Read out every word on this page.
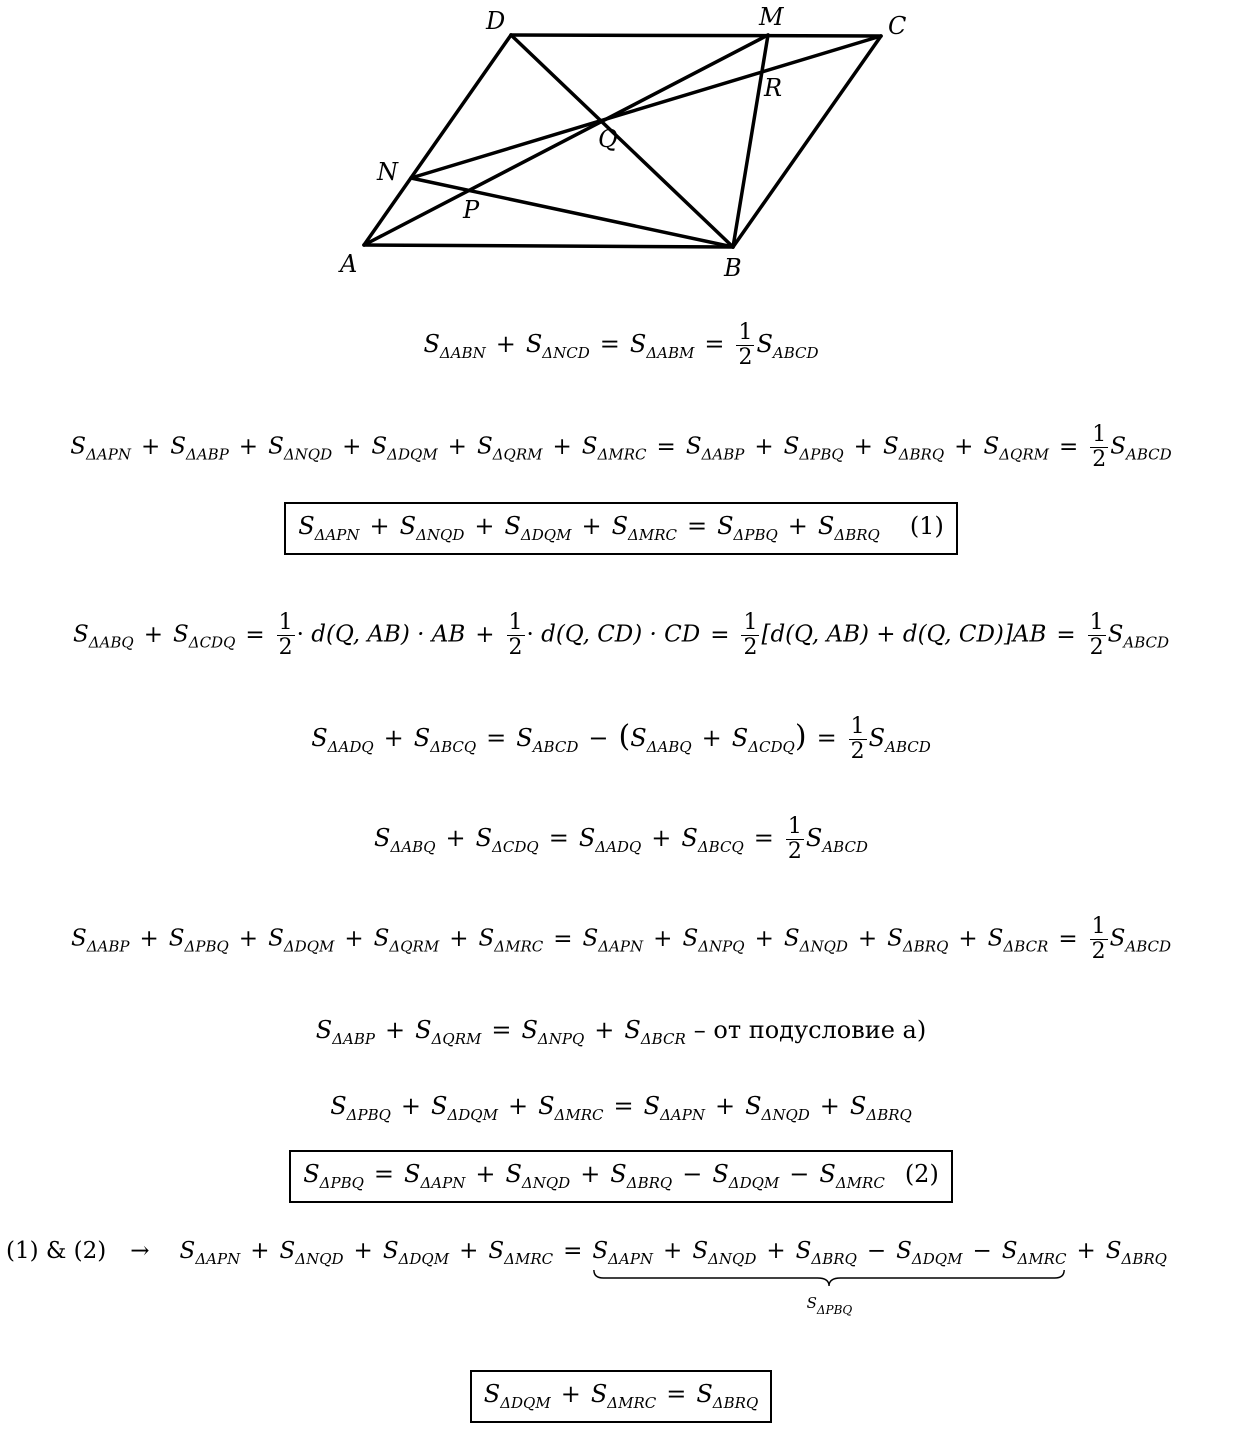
A	B
C
D	M
N
P
Q
R
$S_{\Delta ABN} + S_{\Delta NCD} = S_{\Delta ABM} = \frac{1}{2} S_{ABCD}$
$S_{\Delta APN} + S_{\Delta ABP} + S_{\Delta NQD} + S_{\Delta DQM} + S_{\Delta QRM} + S_{\Delta MRC} = S_{\Delta ABP} + S_{\Delta PBQ} + S_{\Delta BRQ} + S_{\Delta QRM} = \frac{1}{2} S_{ABCD}$
$S_{\Delta APN} + S_{\Delta NQD} + S_{\Delta DQM} + S_{\Delta MRC} = S_{\Delta PBQ} + S_{\Delta BRQ}$ (1)
$S_{\Delta ABQ} + S_{\Delta CDQ} = \frac{1}{2} \cdot d(Q$, AB) · AB + $\frac{1}{2} \cdot d(Q$, CD) · CD = $\frac{1}{2} [d(Q$, AB) + d(Q, $CD)]AB = \frac{1}{2} S_{ABCD}$
$S_{\Delta ADQ} + S_{\Delta BCQ} = S_{ABCD} - (S_{\Delta ABQ} + S_{\Delta CDQ}) = \frac{1}{2} S_{ABCD}$
$S_{\Delta ABQ} + S_{\Delta CDQ} = S_{\Delta ADQ} + S_{\Delta BCQ} = \frac{1}{2} S_{ABCD}$
$S_{\Delta ABP} + S_{\Delta PBQ} + S_{\Delta DQM} + S_{\Delta QRM} + S_{\Delta MRC} = S_{\Delta APN} + S_{\Delta NPQ} + S_{\Delta NQD} + S_{\Delta BRQ} + S_{\Delta BCR} = \frac{1}{2} S_{ABCD}$
$S_{\Delta ABP} + S_{\Delta QRM} = S_{\Delta NPQ} + S_{\Delta BCR}$ – от подусловие а)
$S_{\Delta PBQ} + S_{\Delta DQM} + S_{\Delta MRC} = S_{\Delta APN} + S_{\Delta NQD} + S_{\Delta BRQ}$
$S_{\Delta PBQ} = S_{\Delta APN} + S_{\Delta NQD} + S_{\Delta BRQ} - S_{\Delta DQM} - S_{\Delta MRC}$ (2)
(1) & $(2) \to S_{\Delta APN} + S_{\Delta NQD} + S_{\Delta DQM} + S_{\Delta MRC} = S_{\Delta APN} + S_{\Delta NQD} + S_{\Delta BRQ} - S_{\Delta DQM} - S_{\Delta MRC}$
$S_{\Delta PBQ}$
+ $S_{\Delta BRQ}$
$S_{\Delta DQM} + S_{\Delta MRC} = S_{\Delta BRQ}$
